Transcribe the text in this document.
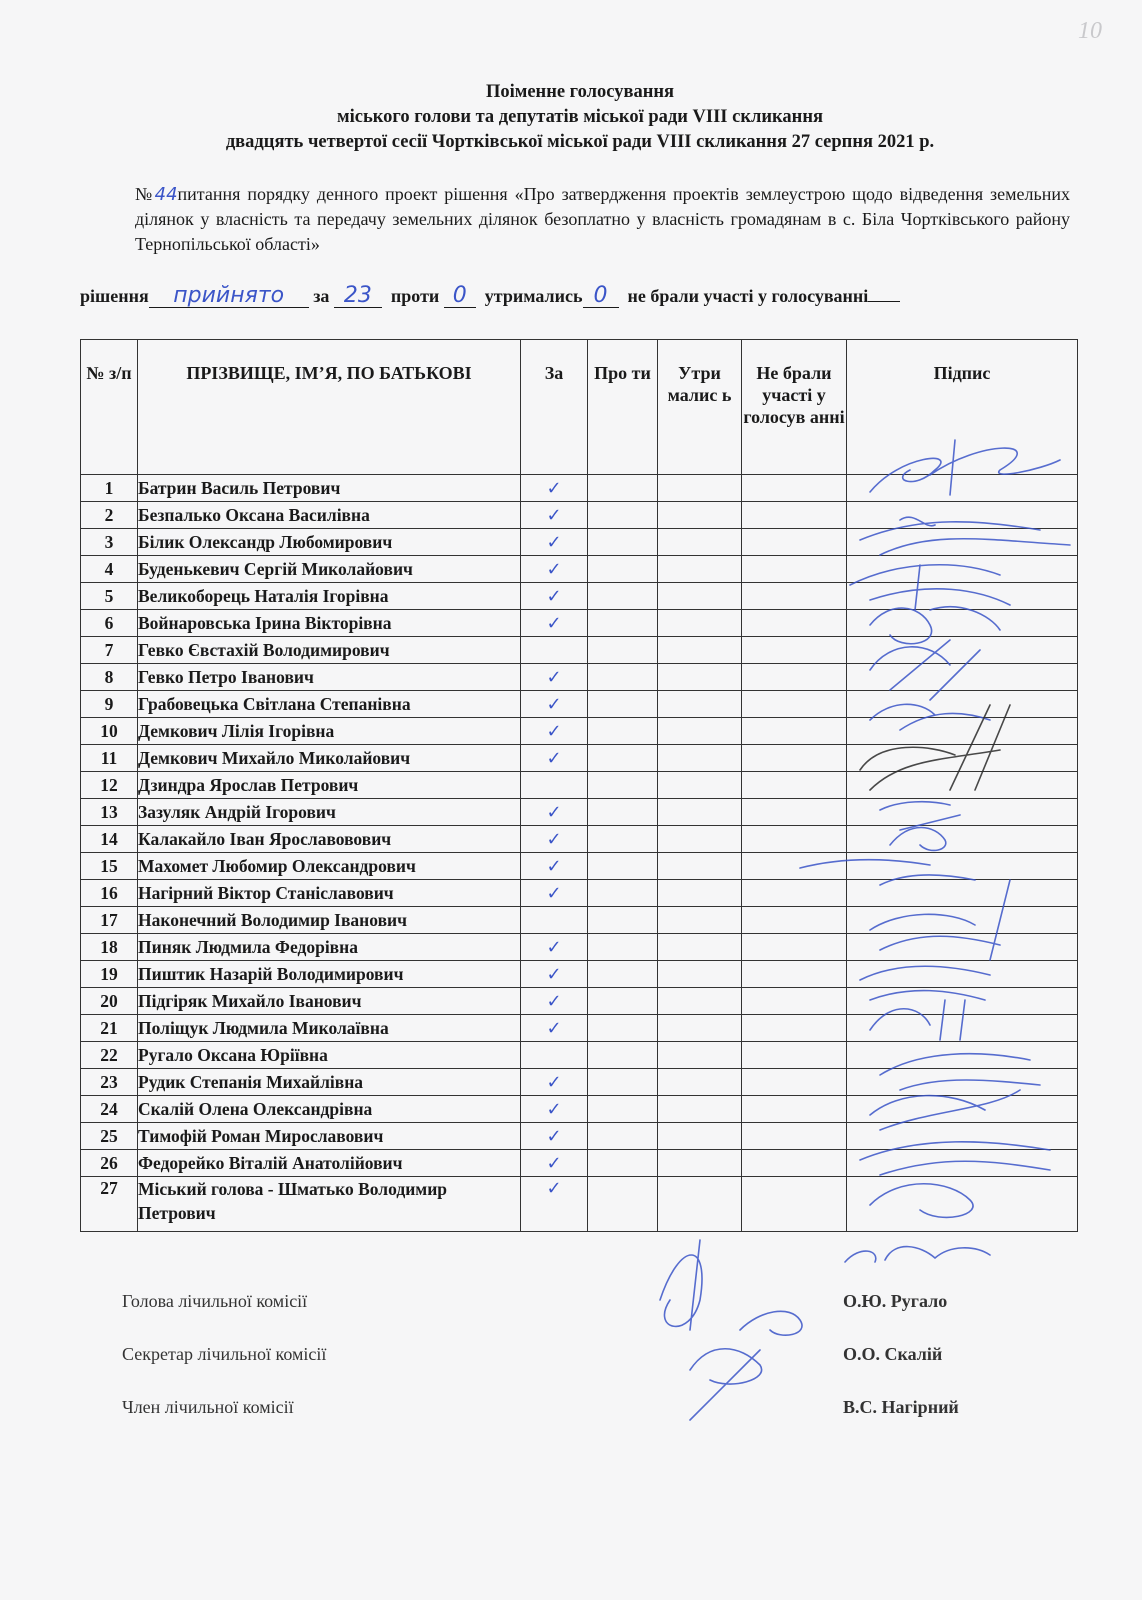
10
Поіменне голосування
міського голови та депутатів міської ради VIII скликання
двадцять четвертої сесії Чортківської міської ради VIII скликання 27 серпня 2021 р.
№44питання порядку денного проект рішення «Про затвердження проектів землеустрою щодо відведення земельних ділянок у власність та передачу земельних ділянок безоплатно у власність громадянам в с. Біла Чортківського району Тернопільської області»
рішення прийнято за 23 проти 0 утримались 0 не брали участі у голосуванні
№ з/п	ПРІЗВИЩЕ, ІМ’Я, ПО БАТЬКОВІ	За	Про ти	Утри малис ь	Не брали участі у голосув анні	Підпис
1	Батрин Василь Петрович	✓				
2	Безпалько Оксана Василівна	✓				
3	Білик Олександр Любомирович	✓				
4	Буденькевич Сергій Миколайович	✓				
5	Великоборець Наталія Ігорівна	✓				
6	Войнаровська Ірина Вікторівна	✓				
7	Гевко Євстахій Володимирович					
8	Гевко Петро Іванович	✓				
9	Грабовецька Світлана Степанівна	✓				
10	Демкович Лілія Ігорівна	✓				
11	Демкович Михайло Миколайович	✓				
12	Дзиндра Ярослав Петрович					
13	Зазуляк Андрій Ігорович	✓				
14	Калакайло Іван Ярославовович	✓				
15	Махомет Любомир Олександрович	✓				
16	Нагірний Віктор Станіславович	✓				
17	Наконечний Володимир Іванович					
18	Пиняк Людмила Федорівна	✓				
19	Пиштик Назарій Володимирович	✓				
20	Підгіряк Михайло Іванович	✓				
21	Поліщук Людмила Миколаївна	✓				
22	Ругало Оксана Юріївна					
23	Рудик Степанія Михайлівна	✓				
24	Скалій Олена Олександрівна	✓				
25	Тимофій Роман Мирославович	✓				
26	Федорейко Віталій Анатолійович	✓				
27	Міський голова - Шматько Володимир Петрович	✓				
Голова лічильної комісії	О.Ю. Ругало
Секретар лічильної комісії	О.О. Скалій
Член лічильної комісії	В.С. Нагірний
